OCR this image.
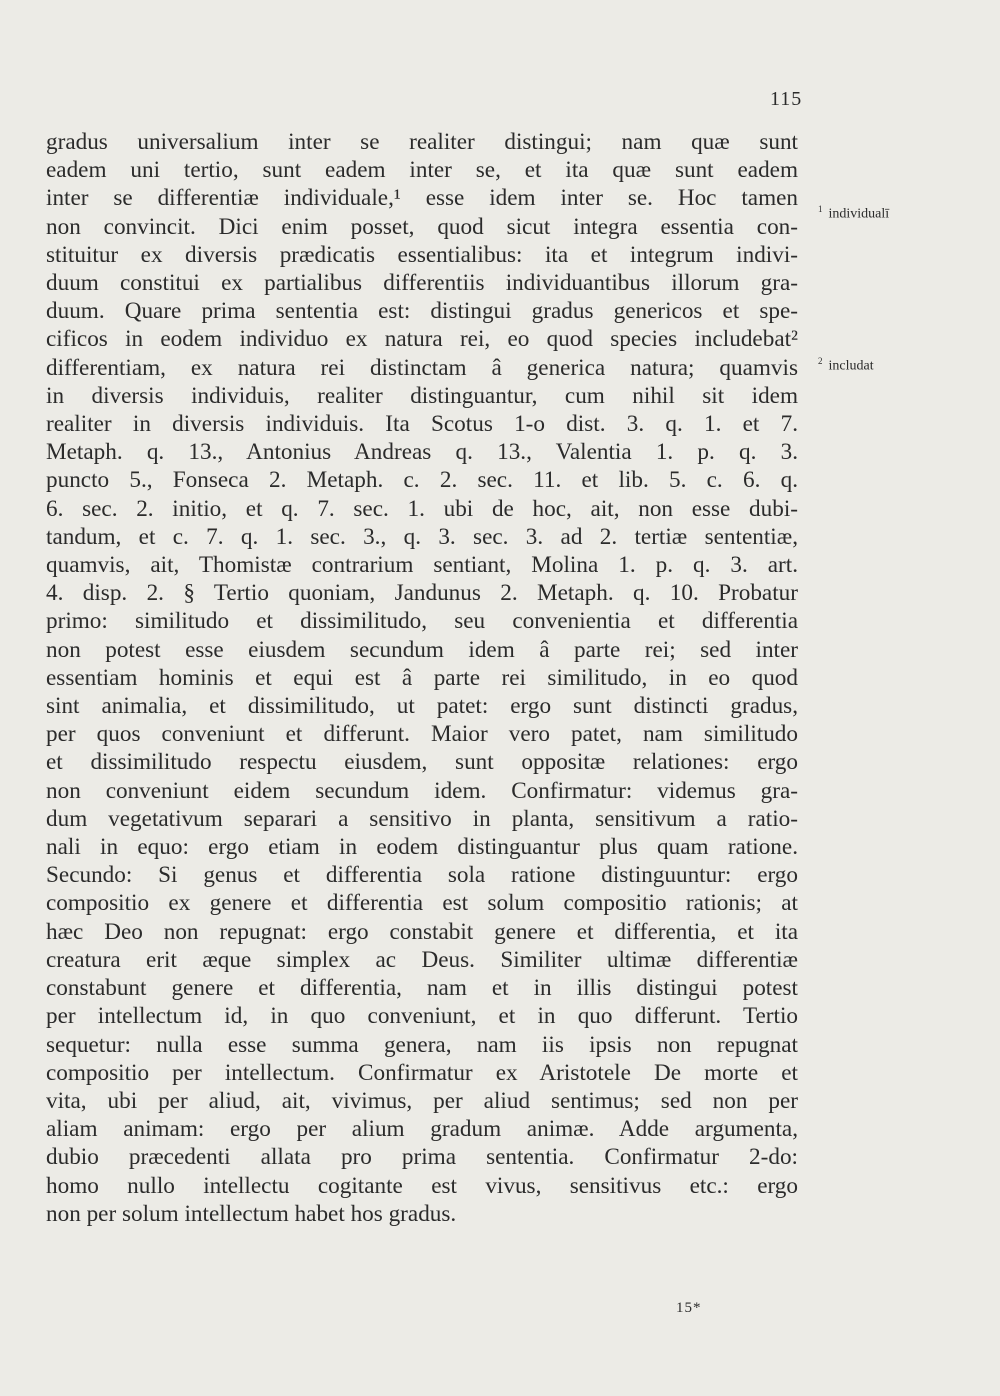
115
gradus universalium inter se realiter distingui; nam quæ sunt
eadem uni tertio, sunt eadem inter se, et ita quæ sunt eadem
inter se differentiæ individuale,¹ esse idem inter se. Hoc tamen
non convincit. Dici enim posset, quod sicut integra essentia con-
stituitur ex diversis prædicatis essentialibus: ita et integrum indivi-
duum constitui ex partialibus differentiis individuantibus illorum gra-
duum. Quare prima sententia est: distingui gradus genericos et spe-
cificos in eodem individuo ex natura rei, eo quod species includebat²
differentiam, ex natura rei distinctam â generica natura; quamvis
in diversis individuis, realiter distinguantur, cum nihil sit idem
realiter in diversis individuis. Ita Scotus 1-o dist. 3. q. 1. et 7.
Metaph. q. 13., Antonius Andreas q. 13., Valentia 1. p. q. 3.
puncto 5., Fonseca 2. Metaph. c. 2. sec. 11. et lib. 5. c. 6. q.
6. sec. 2. initio, et q. 7. sec. 1. ubi de hoc, ait, non esse dubi-
tandum, et c. 7. q. 1. sec. 3., q. 3. sec. 3. ad 2. tertiæ sententiæ,
quamvis, ait, Thomistæ contrarium sentiant, Molina 1. p. q. 3. art.
4. disp. 2. § Tertio quoniam, Jandunus 2. Metaph. q. 10. Probatur
primo: similitudo et dissimilitudo, seu convenientia et differentia
non potest esse eiusdem secundum idem â parte rei; sed inter
essentiam hominis et equi est â parte rei similitudo, in eo quod
sint animalia, et dissimilitudo, ut patet: ergo sunt distincti gradus,
per quos conveniunt et differunt. Maior vero patet, nam similitudo
et dissimilitudo respectu eiusdem, sunt oppositæ relationes: ergo
non conveniunt eidem secundum idem. Confirmatur: videmus gra-
dum vegetativum separari a sensitivo in planta, sensitivum a ratio-
nali in equo: ergo etiam in eodem distinguantur plus quam ratione.
Secundo: Si genus et differentia sola ratione distinguuntur: ergo
compositio ex genere et differentia est solum compositio rationis; at
hæc Deo non repugnat: ergo constabit genere et differentia, et ita
creatura erit æque simplex ac Deus. Similiter ultimæ differentiæ
constabunt genere et differentia, nam et in illis distingui potest
per intellectum id, in quo conveniunt, et in quo differunt. Tertio
sequetur: nulla esse summa genera, nam iis ipsis non repugnat
compositio per intellectum. Confirmatur ex Aristotele De morte et
vita, ubi per aliud, ait, vivimus, per aliud sentimus; sed non per
aliam animam: ergo per alium gradum animæ. Adde argumenta,
dubio præcedenti allata pro prima sententia. Confirmatur 2-do:
homo nullo intellectu cogitante est vivus, sensitivus etc.: ergo
non per solum intellectum habet hos gradus.
$^1$ individualī
$^2$ includat
15*
